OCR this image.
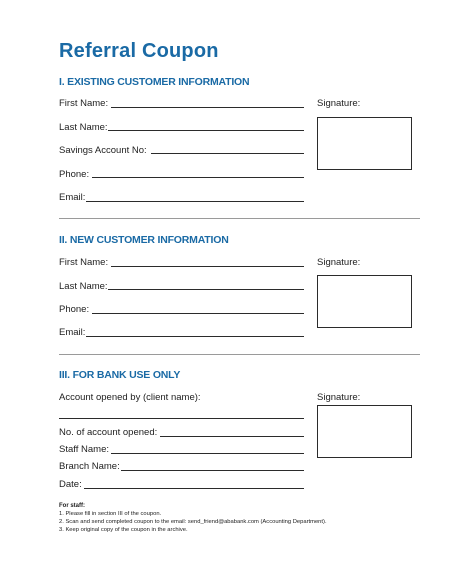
Referral Coupon
I. EXISTING CUSTOMER INFORMATION
First Name:
Last Name:
Savings Account No:
Phone:
Email:
Signature:
II. NEW CUSTOMER INFORMATION
First Name:
Last Name:
Phone:
Email:
Signature:
III. FOR BANK USE ONLY
Account opened by (client name):
No. of account opened:
Staff Name:
Branch Name:
Date:
Signature:
For staff:
1. Please fill in section III of the coupon.
2. Scan and send completed coupon to the email: send_friend@ababank.com (Accounting Department).
3. Keep original copy of the coupon in the archive.
